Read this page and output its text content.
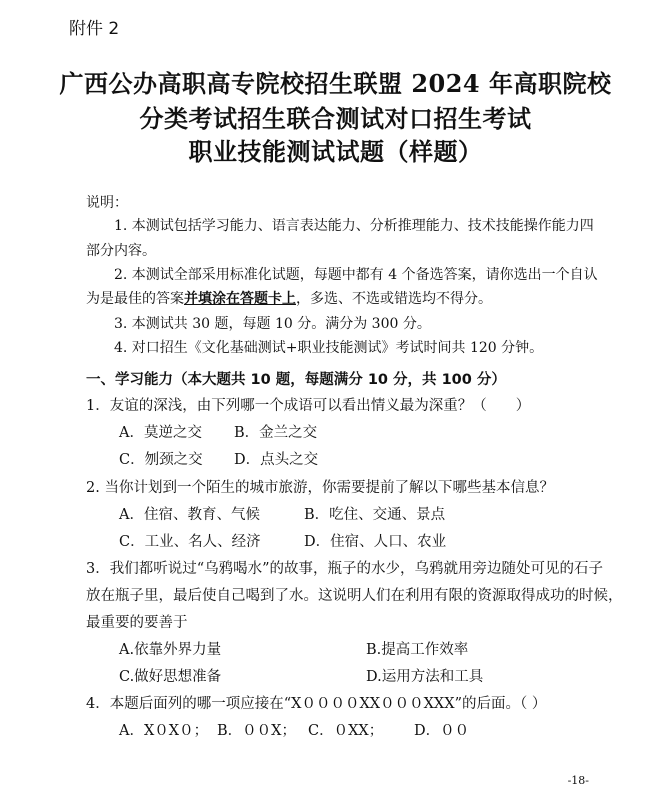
附件 2
广西公办高职高专院校招生联盟 2024 年高职院校
分类考试招生联合测试对口招生考试
职业技能测试试题（样题）
说明：
1. 本测试包括学习能力、语言表达能力、分析推理能力、技术技能操作能力四
部分内容。
2. 本测试全部采用标准化试题，每题中都有 4 个备选答案，请你选出一个自认
为是最佳的答案并填涂在答题卡上，多选、不选或错选均不得分。
3. 本测试共 30 题，每题 10 分。满分为 300 分。
4. 对口招生《文化基础测试+职业技能测试》考试时间共 120 分钟。
一、学习能力（本大题共 10 题，每题满分 10 分，共 100 分）
1．友谊的深浅，由下列哪一个成语可以看出情义最为深重？（　　）
A．莫逆之交 B．金兰之交
C．刎颈之交 D．点头之交
2. 当你计划到一个陌生的城市旅游，你需要提前了解以下哪些基本信息？
A．住宿、教育、气候	B．吃住、交通、景点
C．工业、名人、经济	D．住宿、人口、农业
3．我们都听说过“乌鸦喝水”的故事，瓶子的水少，乌鸦就用旁边随处可见的石子
放在瓶子里，最后使自己喝到了水。这说明人们在利用有限的资源取得成功的时候，
最重要的要善于
A.依靠外界力量	B.提高工作效率
C.做好思想准备	D.运用方法和工具
4．本题后面列的哪一项应接在“X００００XX０００XXX”的后面。（ ）
A．X０X０； B．００X； C．０XX； D．００
-18-
